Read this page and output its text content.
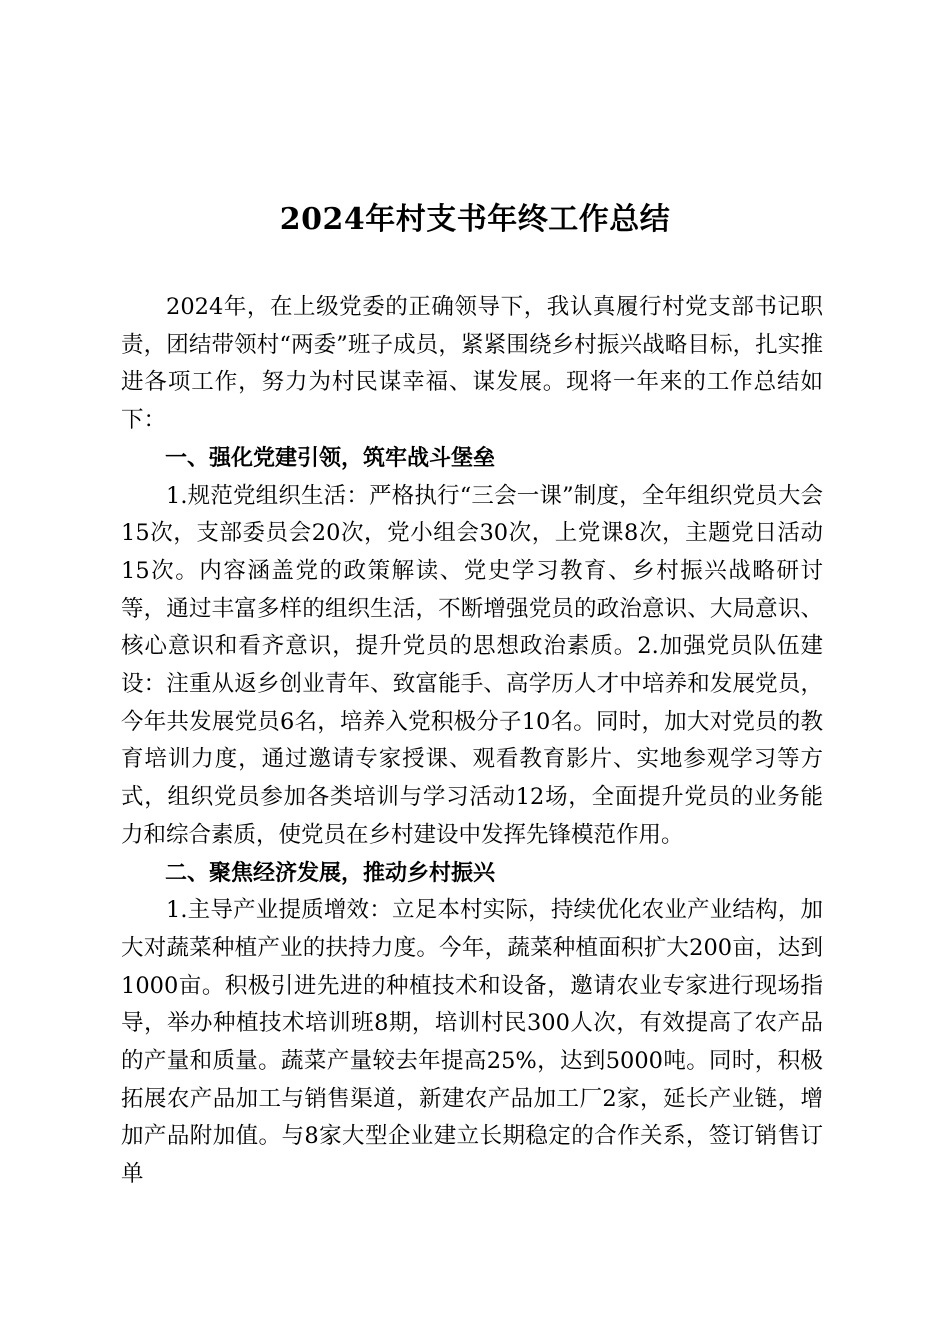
2024年村支书年终工作总结

2024年，在上级党委的正确领导下，我认真履行村党支部书记职责，团结带领村“两委”班子成员，紧紧围绕乡村振兴战略目标，扎实推进各项工作，努力为村民谋幸福、谋发展。现将一年来的工作总结如下：

一、强化党建引领，筑牢战斗堡垒

1.规范党组织生活：严格执行“三会一课”制度，全年组织党员大会15次，支部委员会20次，党小组会30次，上党课8次，主题党日活动15次。内容涵盖党的政策解读、党史学习教育、乡村振兴战略研讨等，通过丰富多样的组织生活，不断增强党员的政治意识、大局意识、核心意识和看齐意识，提升党员的思想政治素质。2.加强党员队伍建设：注重从返乡创业青年、致富能手、高学历人才中培养和发展党员，今年共发展党员6名，培养入党积极分子10名。同时，加大对党员的教育培训力度，通过邀请专家授课、观看教育影片、实地参观学习等方式，组织党员参加各类培训与学习活动12场，全面提升党员的业务能力和综合素质，使党员在乡村建设中发挥先锋模范作用。

二、聚焦经济发展，推动乡村振兴

1.主导产业提质增效：立足本村实际，持续优化农业产业结构，加大对蔬菜种植产业的扶持力度。今年，蔬菜种植面积扩大200亩，达到1000亩。积极引进先进的种植技术和设备，邀请农业专家进行现场指导，举办种植技术培训班8期，培训村民300人次，有效提高了农产品的产量和质量。蔬菜产量较去年提高25%，达到5000吨。同时，积极拓展农产品加工与销售渠道，新建农产品加工厂2家，延长产业链，增加产品附加值。与8家大型企业建立长期稳定的合作关系，签订销售订单
